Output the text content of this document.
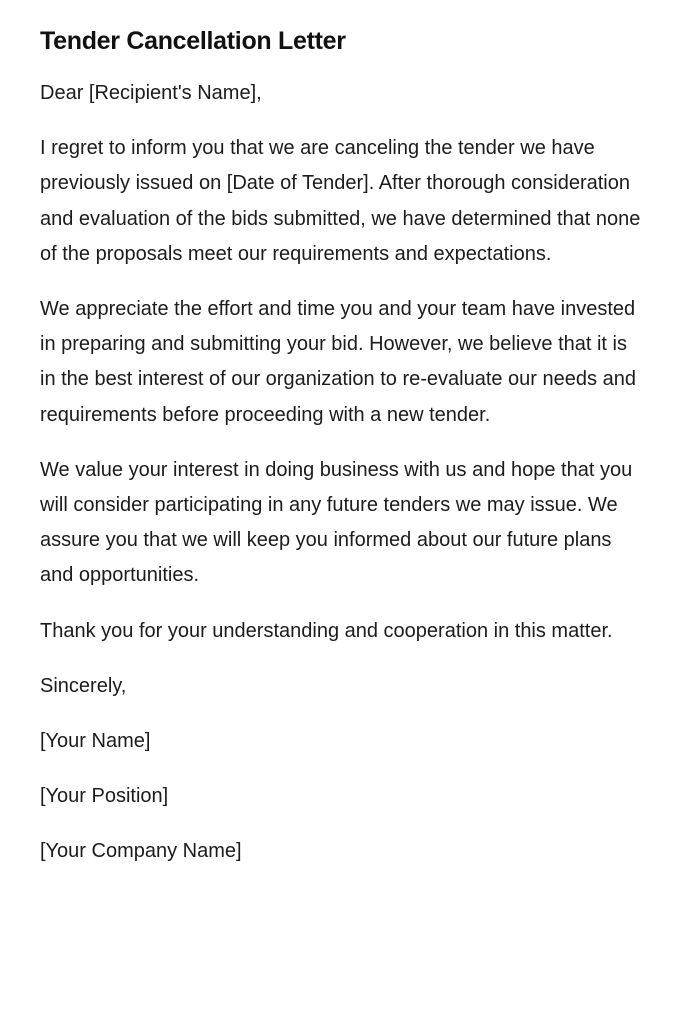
Tender Cancellation Letter

Dear [Recipient's Name],

I regret to inform you that we are canceling the tender we have previously issued on [Date of Tender]. After thorough consideration and evaluation of the bids submitted, we have determined that none of the proposals meet our requirements and expectations.

We appreciate the effort and time you and your team have invested in preparing and submitting your bid. However, we believe that it is in the best interest of our organization to re-evaluate our needs and requirements before proceeding with a new tender.

We value your interest in doing business with us and hope that you will consider participating in any future tenders we may issue. We assure you that we will keep you informed about our future plans and opportunities.

Thank you for your understanding and cooperation in this matter.

Sincerely,

[Your Name]

[Your Position]

[Your Company Name]
